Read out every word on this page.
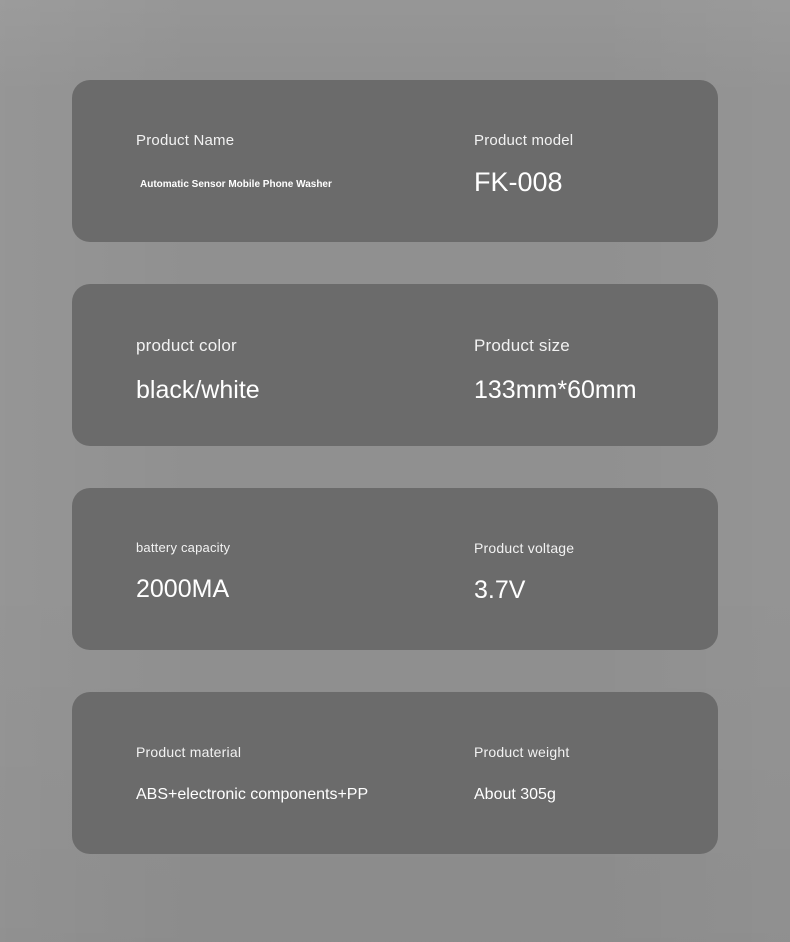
Product Name
Automatic Sensor Mobile Phone Washer
Product model
FK-008
product color
black/white
Product size
133mm*60mm
battery capacity
2000MA
Product voltage
3.7V
Product material
ABS+electronic components+PP
Product weight
About 305g
